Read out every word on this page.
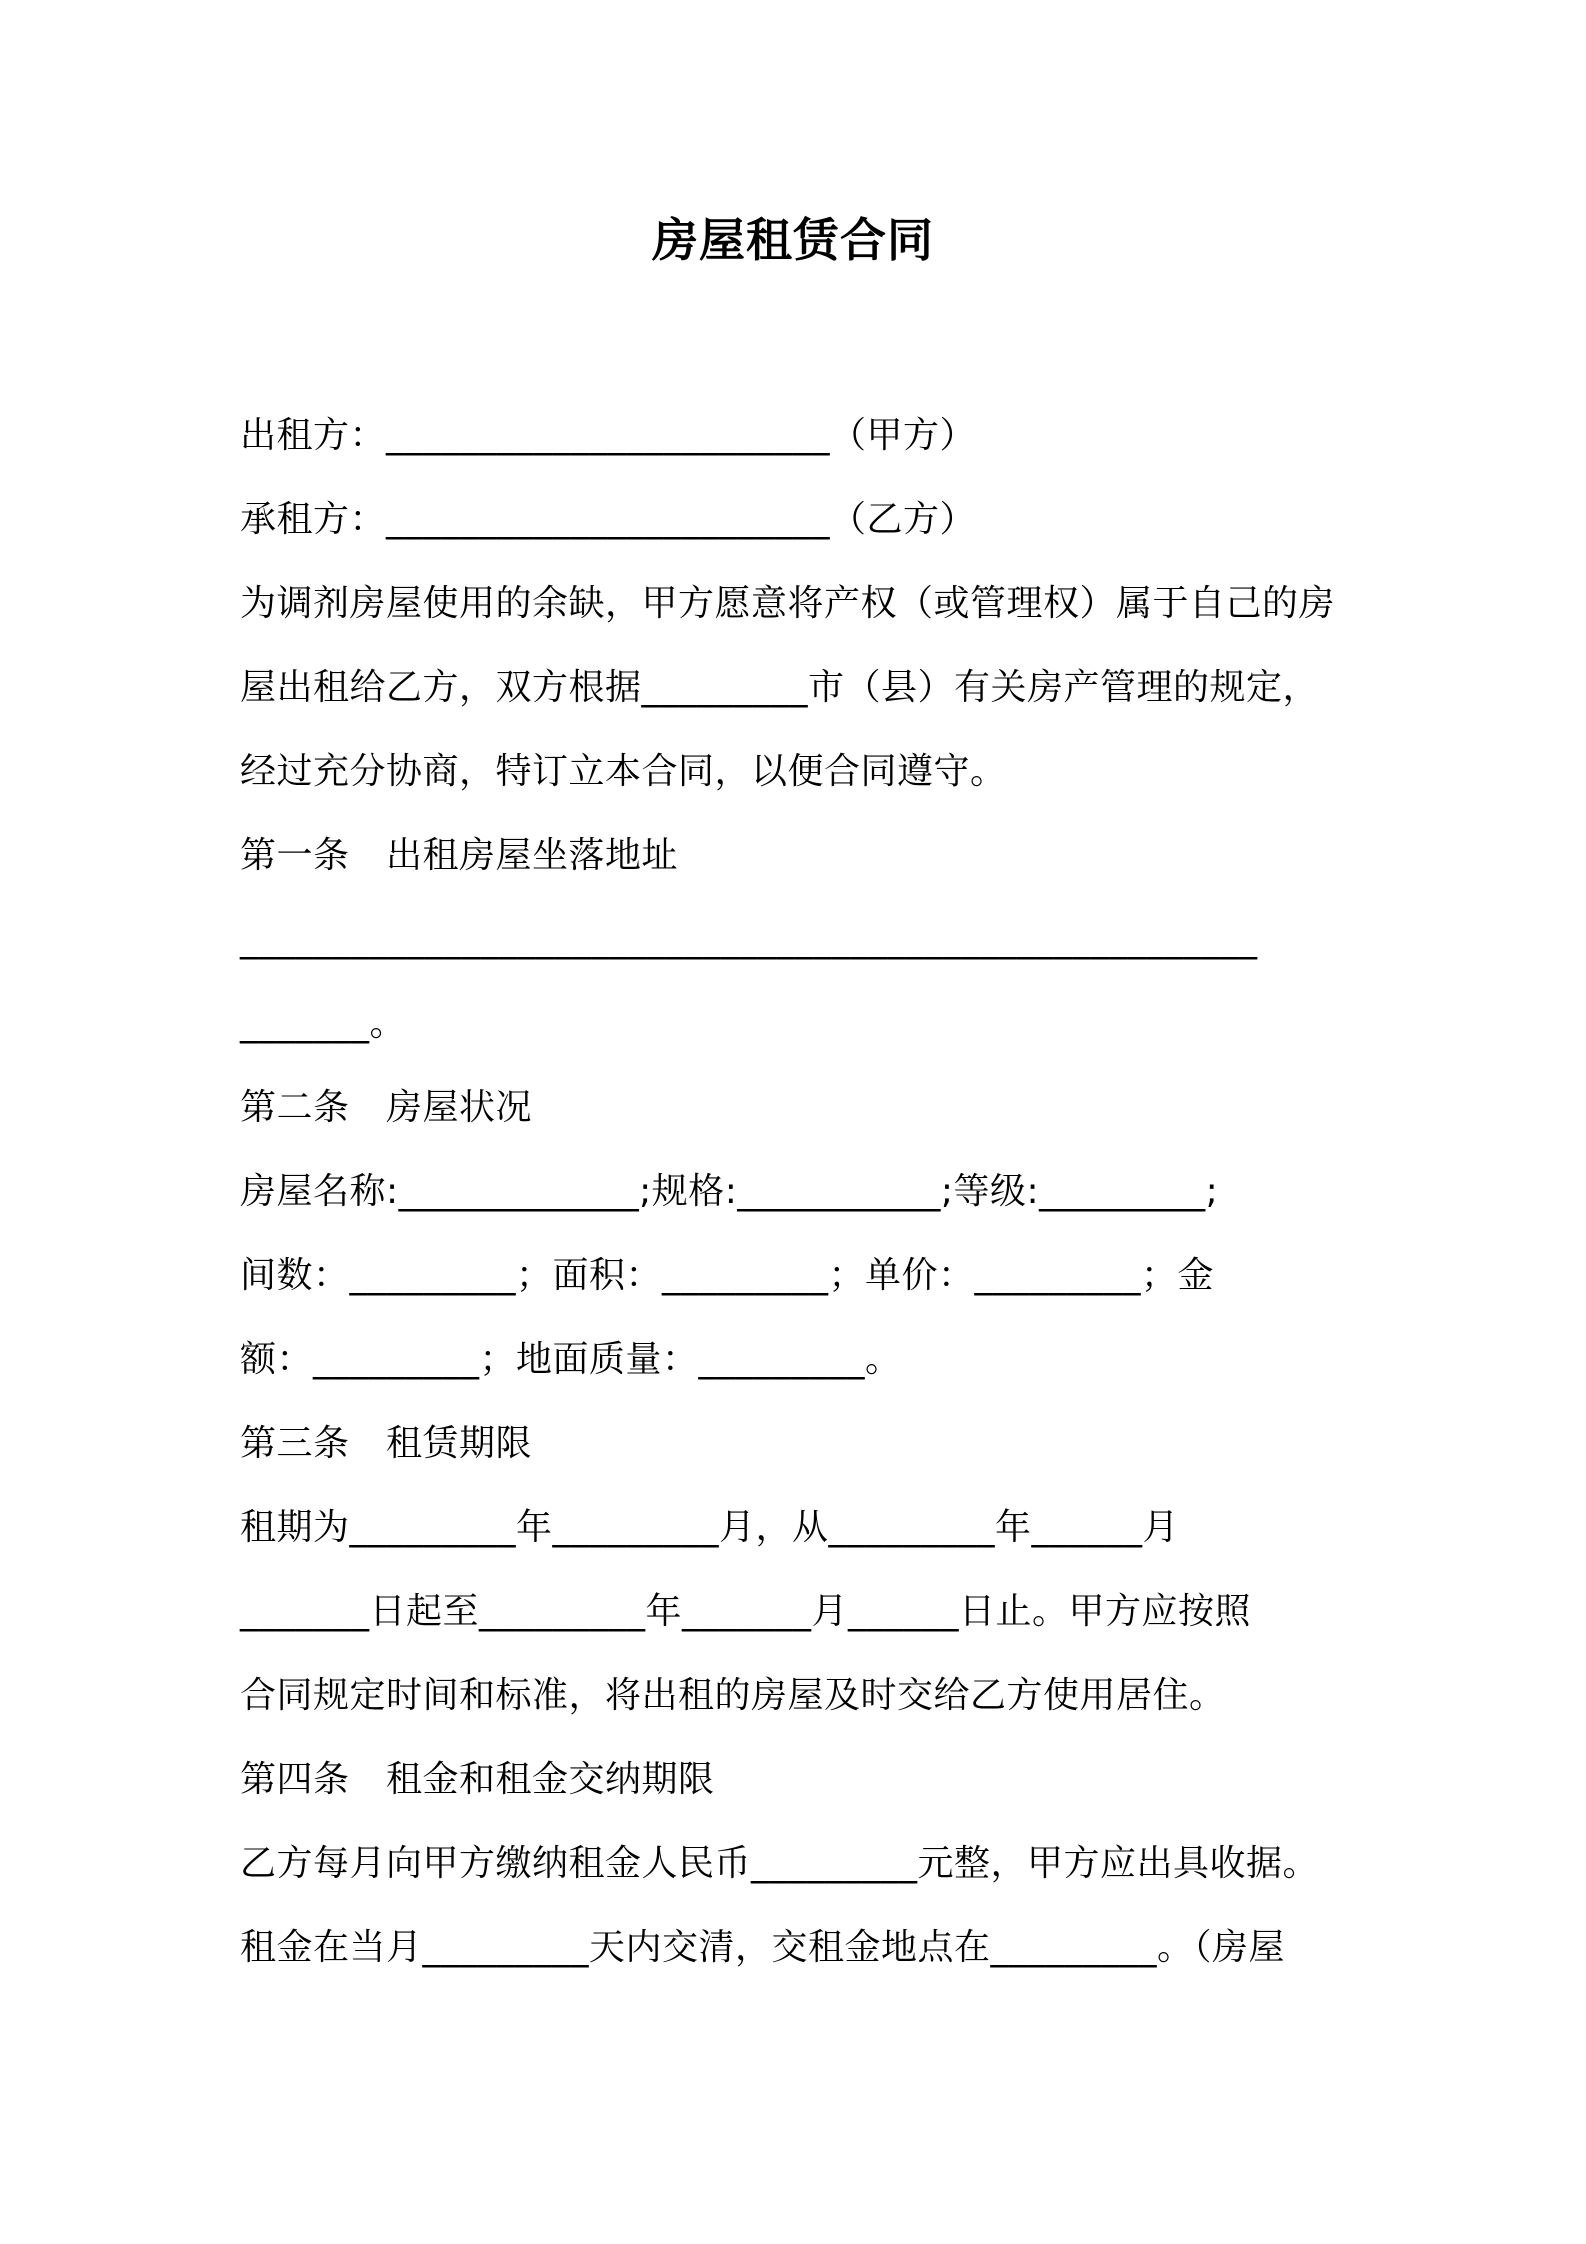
房屋租赁合同
出租方：________________________（甲方）
承租方：________________________（乙方）
为调剂房屋使用的余缺，甲方愿意将产权（或管理权）属于自己的房
屋出租给乙方，双方根据_________市（县）有关房产管理的规定，
经过充分协商，特订立本合同，以便合同遵守。
第一条　出租房屋坐落地址
_______________________________________________________
_______。
第二条　房屋状况
房屋名称:_____________;规格:___________;等级:_________;
间数：_________；面积：_________；单价：_________；金
额：_________；地面质量：_________。
第三条　租赁期限
租期为_________年_________月，从_________年______月
_______日起至_________年_______月______日止。甲方应按照
合同规定时间和标准，将出租的房屋及时交给乙方使用居住。
第四条　租金和租金交纳期限
乙方每月向甲方缴纳租金人民币_________元整，甲方应出具收据。
租金在当月_________天内交清，交租金地点在_________。（房屋
